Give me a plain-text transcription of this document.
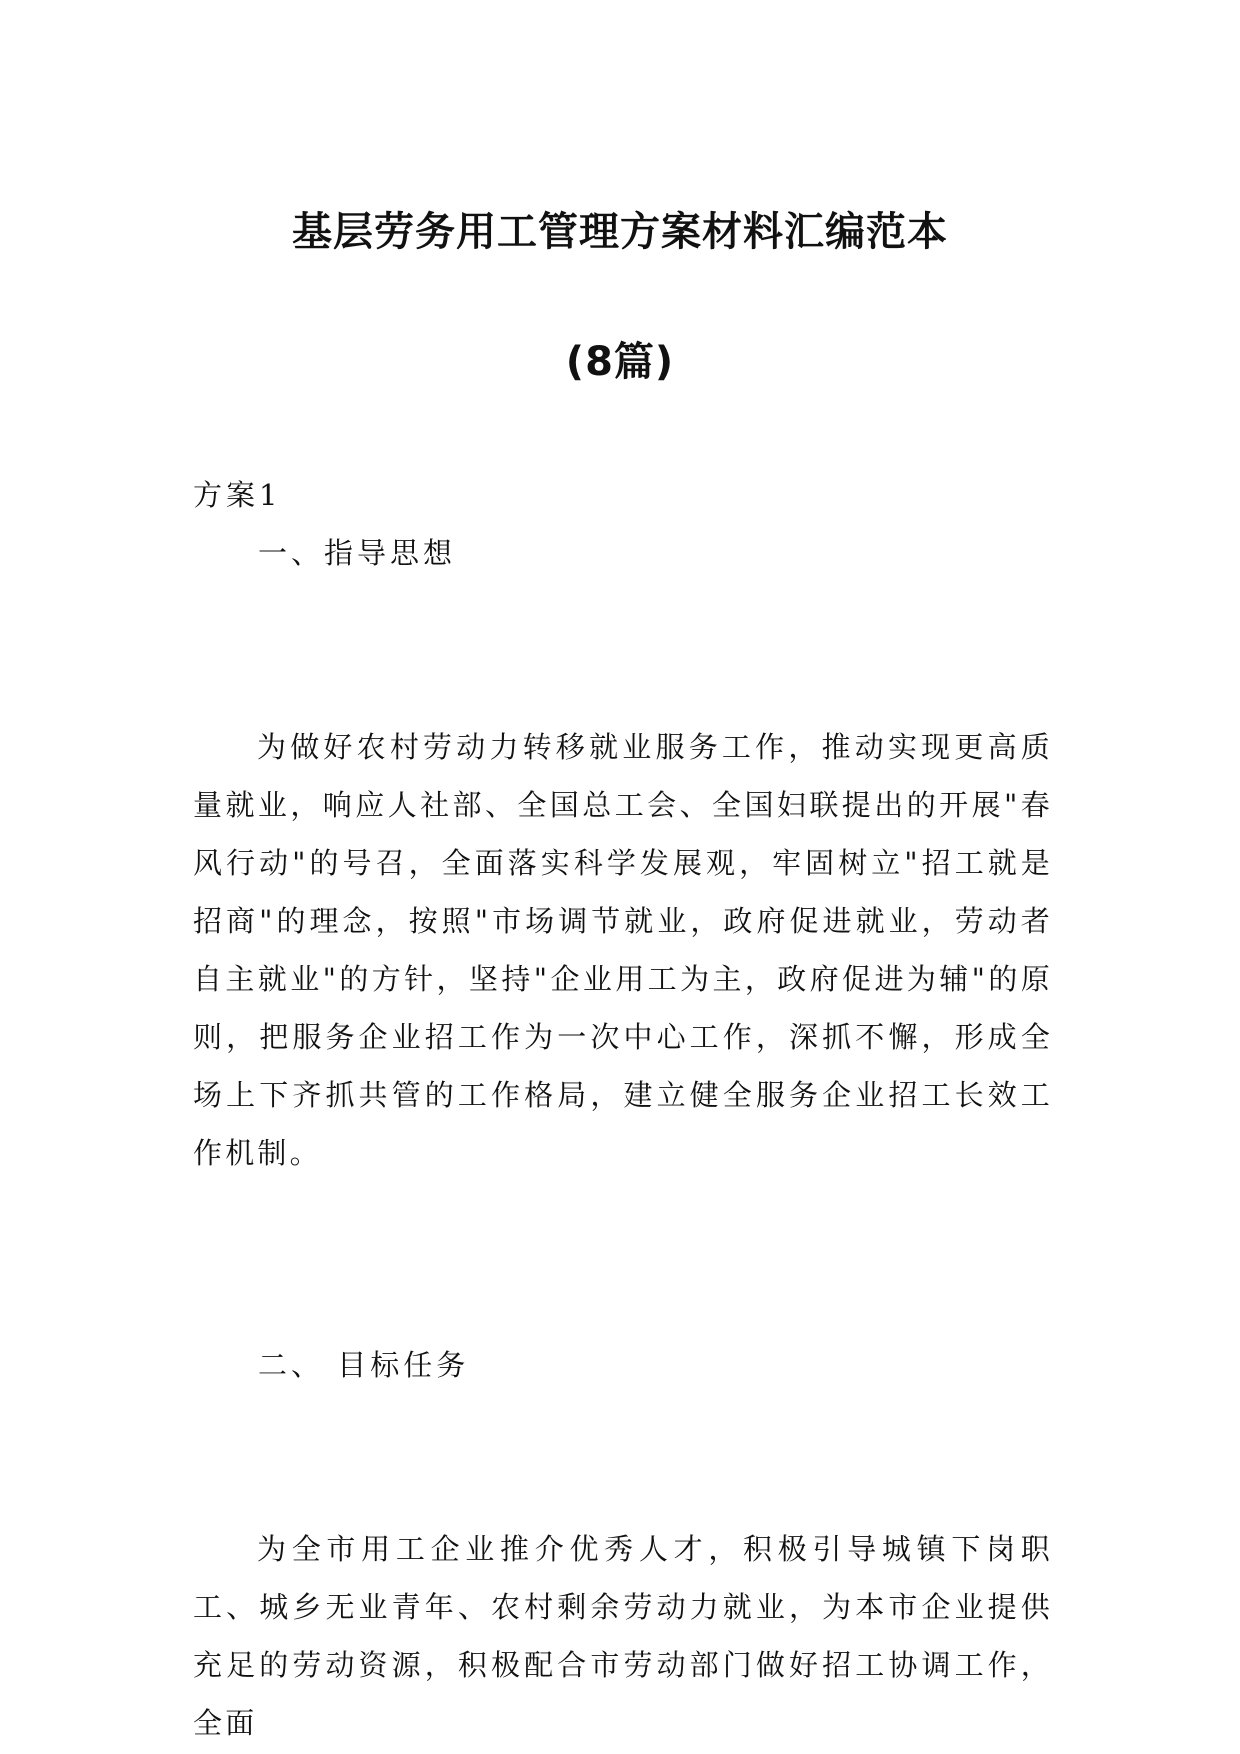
基层劳务用工管理方案材料汇编范本
(8篇)
方案1
一、指导思想

为做好农村劳动力转移就业服务工作，推动实现更高质量就业，响应人社部、全国总工会、全国妇联提出的开展"春风行动"的号召，全面落实科学发展观，牢固树立"招工就是招商"的理念，按照"市场调节就业，政府促进就业，劳动者自主就业"的方针，坚持"企业用工为主，政府促进为辅"的原则，把服务企业招工作为一次中心工作，深抓不懈，形成全场上下齐抓共管的工作格局，建立健全服务企业招工长效工作机制。

二、 目标任务

为全市用工企业推介优秀人才，积极引导城镇下岗职工、城乡无业青年、农村剩余劳动力就业，为本市企业提供充足的劳动资源，积极配合市劳动部门做好招工协调工作，全面
